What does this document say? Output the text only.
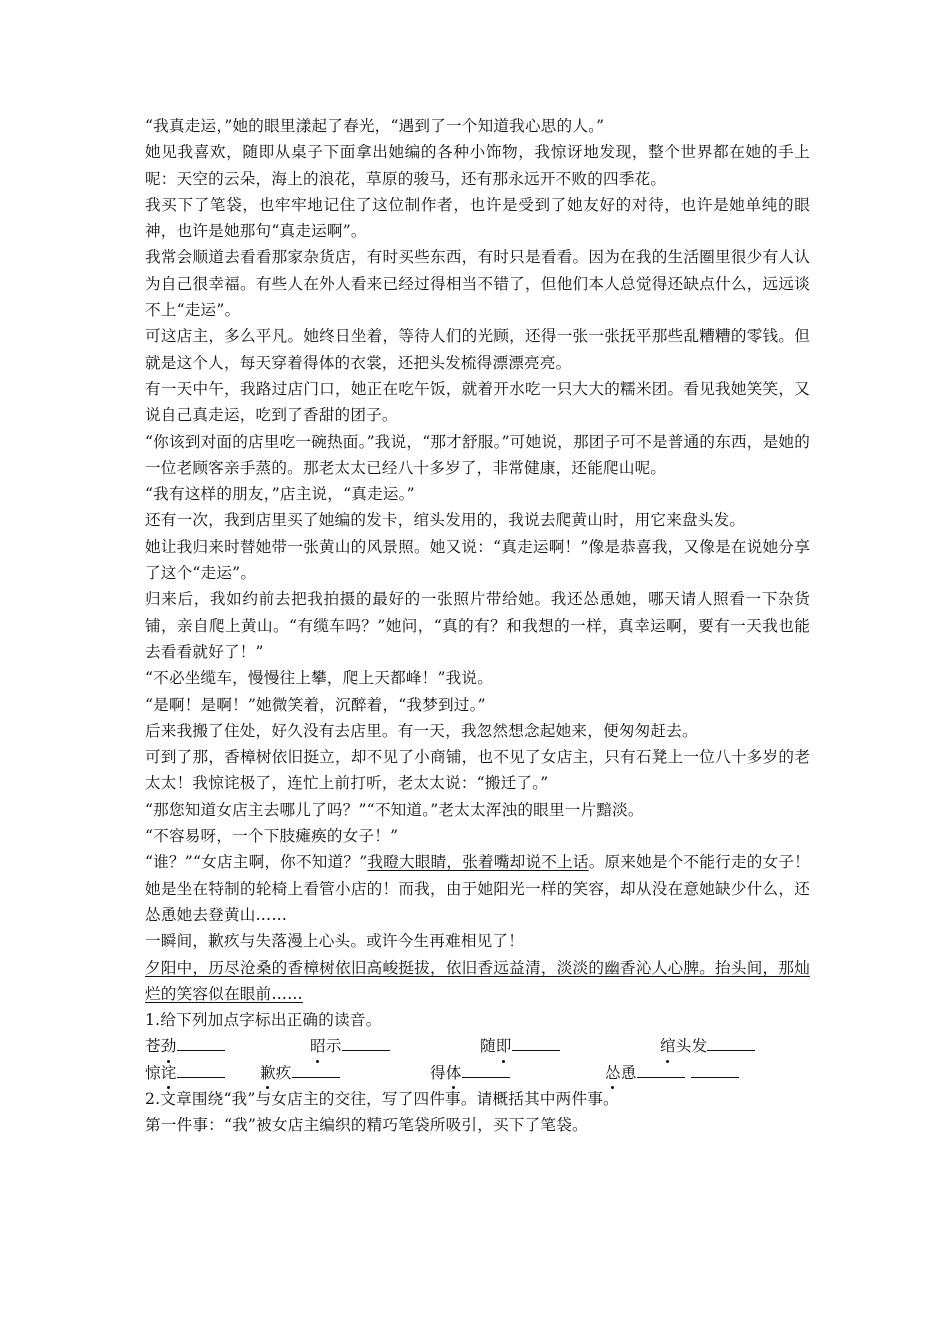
“我真走运，”她的眼里漾起了春光，“遇到了一个知道我心思的人。”

她见我喜欢，随即从桌子下面拿出她编的各种小饰物，我惊讶地发现，整个世界都在她的手上呢：天空的云朵，海上的浪花，草原的骏马，还有那永远开不败的四季花。

我买下了笔袋，也牢牢地记住了这位制作者，也许是受到了她友好的对待，也许是她单纯的眼神，也许是她那句“真走运啊”。

我常会顺道去看看那家杂货店，有时买些东西，有时只是看看。因为在我的生活圈里很少有人认为自己很幸福。有些人在外人看来已经过得相当不错了，但他们本人总觉得还缺点什么，远远谈不上“走运”。

可这店主，多么平凡。她终日坐着，等待人们的光顾，还得一张一张抚平那些乱糟糟的零钱。但就是这个人，每天穿着得体的衣裳，还把头发梳得漂漂亮亮。

有一天中午，我路过店门口，她正在吃午饭，就着开水吃一只大大的糯米团。看见我她笑笑，又说自己真走运，吃到了香甜的团子。

“你该到对面的店里吃一碗热面。”我说，“那才舒服。”可她说，那团子可不是普通的东西，是她的一位老顾客亲手蒸的。那老太太已经八十多岁了，非常健康，还能爬山呢。

“我有这样的朋友，”店主说，“真走运。”

还有一次，我到店里买了她编的发卡，绾头发用的，我说去爬黄山时，用它来盘头发。

她让我归来时替她带一张黄山的风景照。她又说：“真走运啊！”像是恭喜我，又像是在说她分享了这个“走运”。

归来后，我如约前去把我拍摄的最好的一张照片带给她。我还怂恿她，哪天请人照看一下杂货铺，亲自爬上黄山。“有缆车吗？”她问，“真的有？和我想的一样，真幸运啊，要有一天我也能去看看就好了！”

“不必坐缆车，慢慢往上攀，爬上天都峰！”我说。

“是啊！是啊！”她微笑着，沉醉着，“我梦到过。”

后来我搬了住处，好久没有去店里。有一天，我忽然想念起她来，便匆匆赶去。

可到了那，香樟树依旧挺立，却不见了小商铺，也不见了女店主，只有石凳上一位八十多岁的老太太！我惊诧极了，连忙上前打听，老太太说：“搬迁了。”

“那您知道女店主去哪儿了吗？”“不知道。”老太太浑浊的眼里一片黯淡。

“不容易呀，一个下肢瘫痪的女子！”

“谁？”“女店主啊，你不知道？”我瞪大眼睛，张着嘴却说不上话。原来她是个不能行走的女子！她是坐在特制的轮椅上看管小店的！而我，由于她阳光一样的笑容，却从没在意她缺少什么，还怂恿她去登黄山……

一瞬间，歉疚与失落漫上心头。或许今生再难相见了！

夕阳中，历尽沧桑的香樟树依旧高峻挺拔，依旧香远益清，淡淡的幽香沁人心脾。抬头间，那灿烂的笑容似在眼前……

1.给下列加点字标出正确的读音。

苍劲	昭示	随即	绾头发
惊诧	歉疚	得体	怂恿

2.文章围绕“我”与女店主的交往，写了四件事。请概括其中两件事。

第一件事：“我”被女店主编织的精巧笔袋所吸引，买下了笔袋。
